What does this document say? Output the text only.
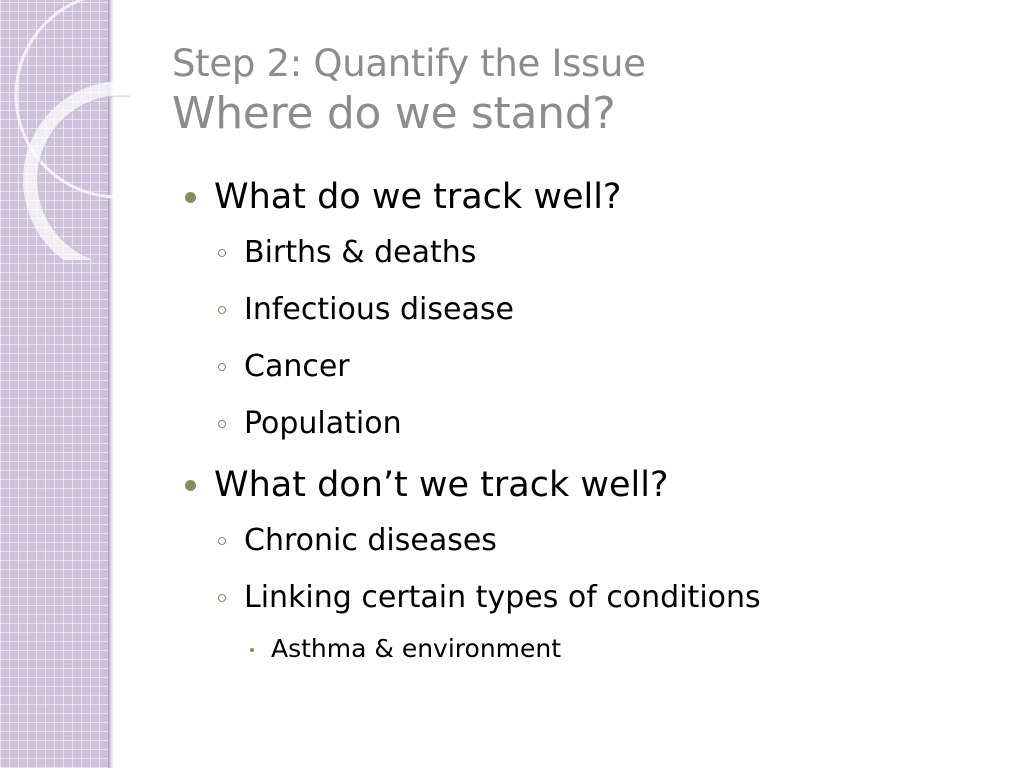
Step 2: Quantify the Issue
Where do we stand?
What do we track well?
Births & deaths
Infectious disease
Cancer
Population
What don’t we track well?
Chronic diseases
Linking certain types of conditions
Asthma & environment
